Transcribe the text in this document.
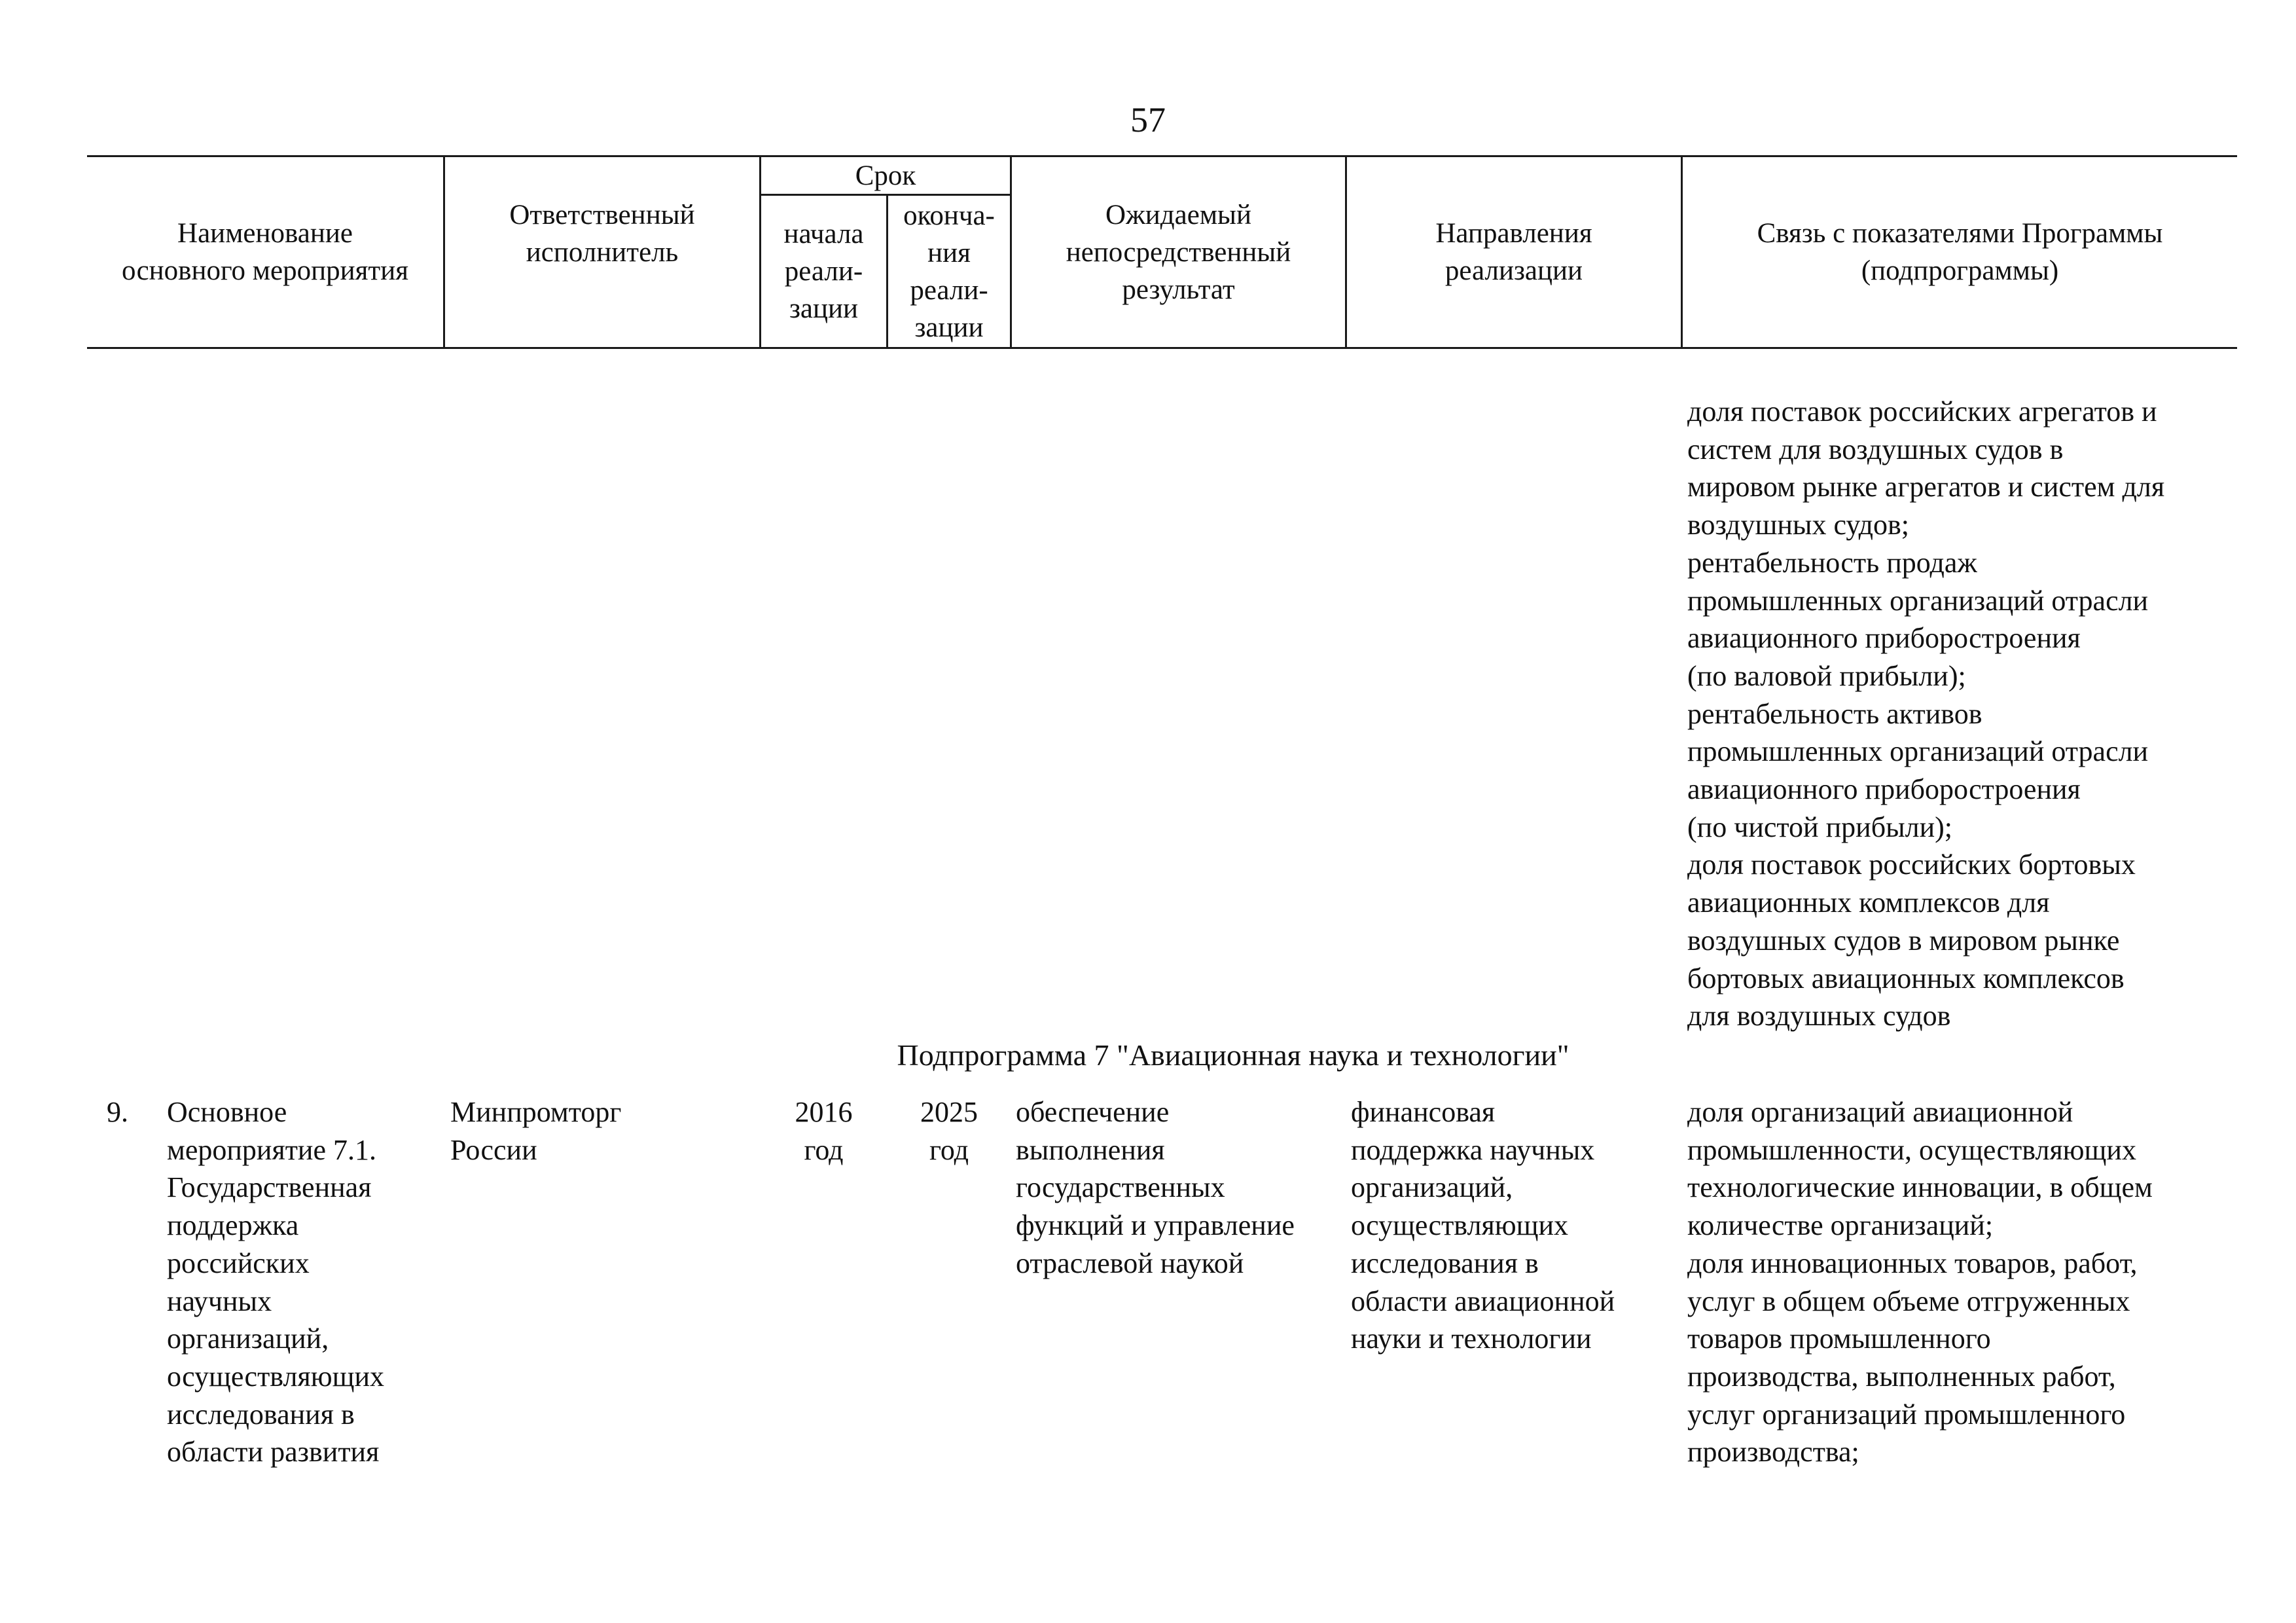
57
Наименование
основного мероприятия
Ответственный
исполнитель
Срок
начала
реали-
зации
оконча-
ния
реали-
зации
Ожидаемый
непосредственный
результат
Направления
реализации
Связь с показателями Программы
(подпрограммы)
доля поставок российских агрегатов и
систем для воздушных судов в
мировом рынке агрегатов и систем для
воздушных судов;
рентабельность продаж
промышленных организаций отрасли
авиационного приборостроения
(по валовой прибыли);
рентабельность активов
промышленных организаций отрасли
авиационного приборостроения
(по чистой прибыли);
доля поставок российских бортовых
авиационных комплексов для
воздушных судов в мировом рынке
бортовых авиационных комплексов
для воздушных судов
Подпрограмма 7 "Авиационная наука и технологии"
9. Основное
мероприятие 7.1.
Государственная
поддержка
российских
научных
организаций,
осуществляющих
исследования в
области развития
Минпромторг
России
2016
год
2025
год
обеспечение
выполнения
государственных
функций и управление
отраслевой наукой
финансовая
поддержка научных
организаций,
осуществляющих
исследования в
области авиационной
науки и технологии
доля организаций авиационной
промышленности, осуществляющих
технологические инновации, в общем
количестве организаций;
доля инновационных товаров, работ,
услуг в общем объеме отгруженных
товаров промышленного
производства, выполненных работ,
услуг организаций промышленного
производства;
